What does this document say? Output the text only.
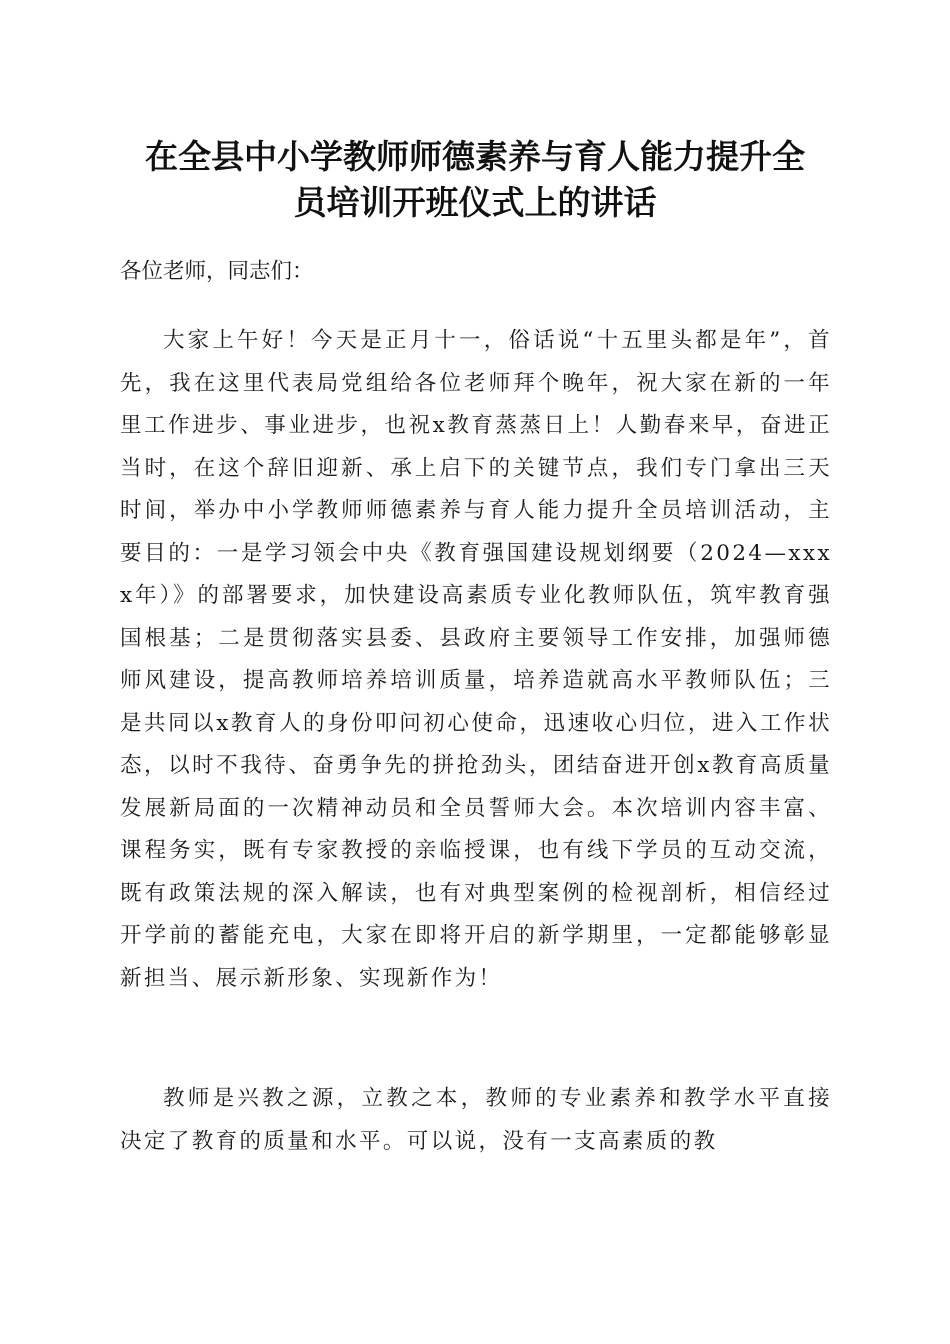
在全县中小学教师师德素养与育人能力提升全
员培训开班仪式上的讲话

各位老师，同志们：

大家上午好！今天是正月十一，俗话说“十五里头都是年”，首先，我在这里代表局党组给各位老师拜个晚年，祝大家在新的一年里工作进步、事业进步，也祝x教育蒸蒸日上！人勤春来早，奋进正当时，在这个辞旧迎新、承上启下的关键节点，我们专门拿出三天时间，举办中小学教师师德素养与育人能力提升全员培训活动，主要目的：一是学习领会中央《教育强国建设规划纲要（2024—xxxx年）》的部署要求，加快建设高素质专业化教师队伍，筑牢教育强国根基；二是贯彻落实县委、县政府主要领导工作安排，加强师德师风建设，提高教师培养培训质量，培养造就高水平教师队伍；三是共同以x教育人的身份叩问初心使命，迅速收心归位，进入工作状态，以时不我待、奋勇争先的拼抢劲头，团结奋进开创x教育高质量发展新局面的一次精神动员和全员誓师大会。本次培训内容丰富、课程务实，既有专家教授的亲临授课，也有线下学员的互动交流，既有政策法规的深入解读，也有对典型案例的检视剖析，相信经过开学前的蓄能充电，大家在即将开启的新学期里，一定都能够彰显新担当、展示新形象、实现新作为！

教师是兴教之源，立教之本，教师的专业素养和教学水平直接决定了教育的质量和水平。可以说，没有一支高素质的教
